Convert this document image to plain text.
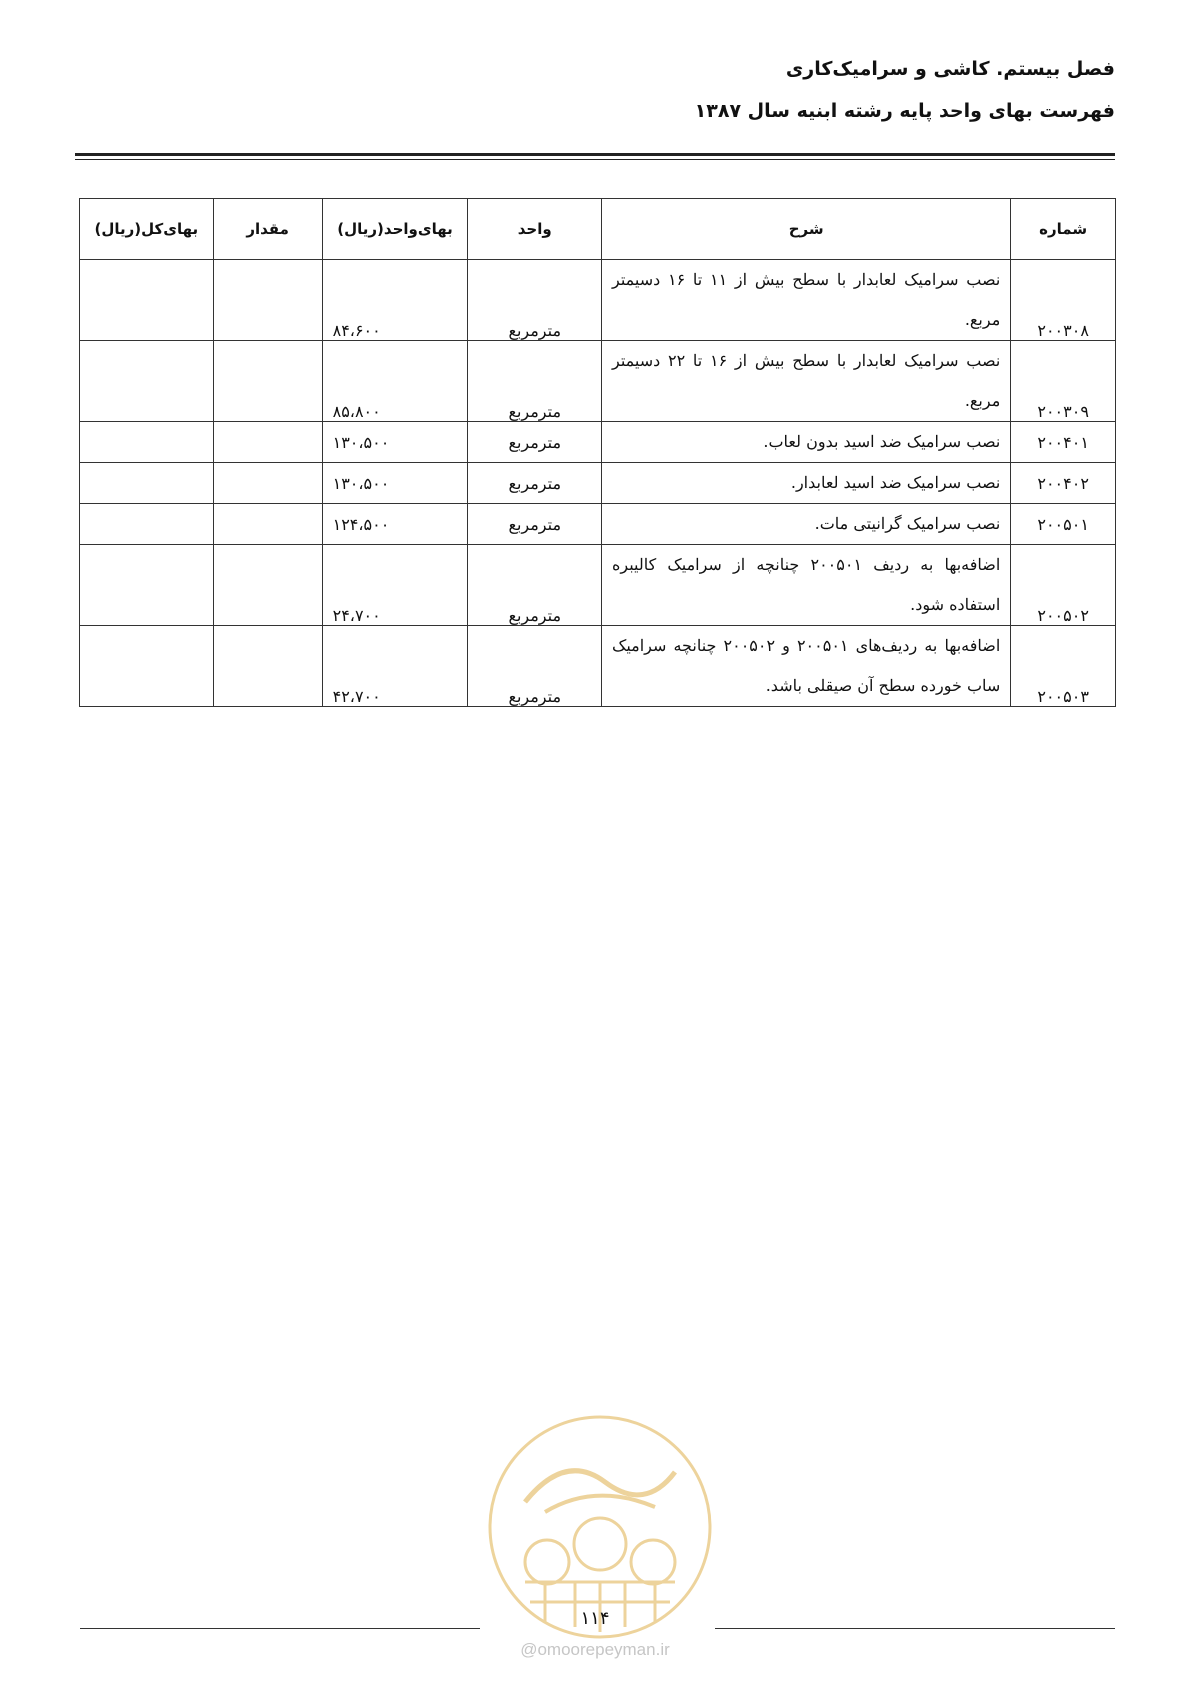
فصل بیستم. کاشی و سرامیک‌کاری
فهرست بهای واحد پایه رشته ابنیه سال ۱۳۸۷
شماره	شرح	واحد	بهای‌واحد(ریال)	مقدار	بهای‌کل(ریال)
۲۰۰۳۰۸	نصب سرامیک لعابدار با سطح بیش از ۱۱ تا ۱۶ دسیمتر مربع.	مترمربع	۸۴،۶۰۰		
۲۰۰۳۰۹	نصب سرامیک لعابدار با سطح بیش از ۱۶ تا ۲۲ دسیمتر مربع.	مترمربع	۸۵،۸۰۰		
۲۰۰۴۰۱	نصب سرامیک ضد اسید بدون لعاب.	مترمربع	۱۳۰،۵۰۰		
۲۰۰۴۰۲	نصب سرامیک ضد اسید لعابدار.	مترمربع	۱۳۰،۵۰۰		
۲۰۰۵۰۱	نصب سرامیک گرانیتی مات.	مترمربع	۱۲۴،۵۰۰		
۲۰۰۵۰۲	اضافه‌بها به ردیف ۲۰۰۵۰۱ چنانچه از سرامیک کالیبره استفاده شود.	مترمربع	۲۴،۷۰۰		
۲۰۰۵۰۳	اضافه‌بها به ردیف‌های ۲۰۰۵۰۱ و ۲۰۰۵۰۲ چنانچه سرامیک ساب خورده سطح آن صیقلی باشد.	مترمربع	۴۲،۷۰۰		
۱۱۴
@omoorepeyman.ir
